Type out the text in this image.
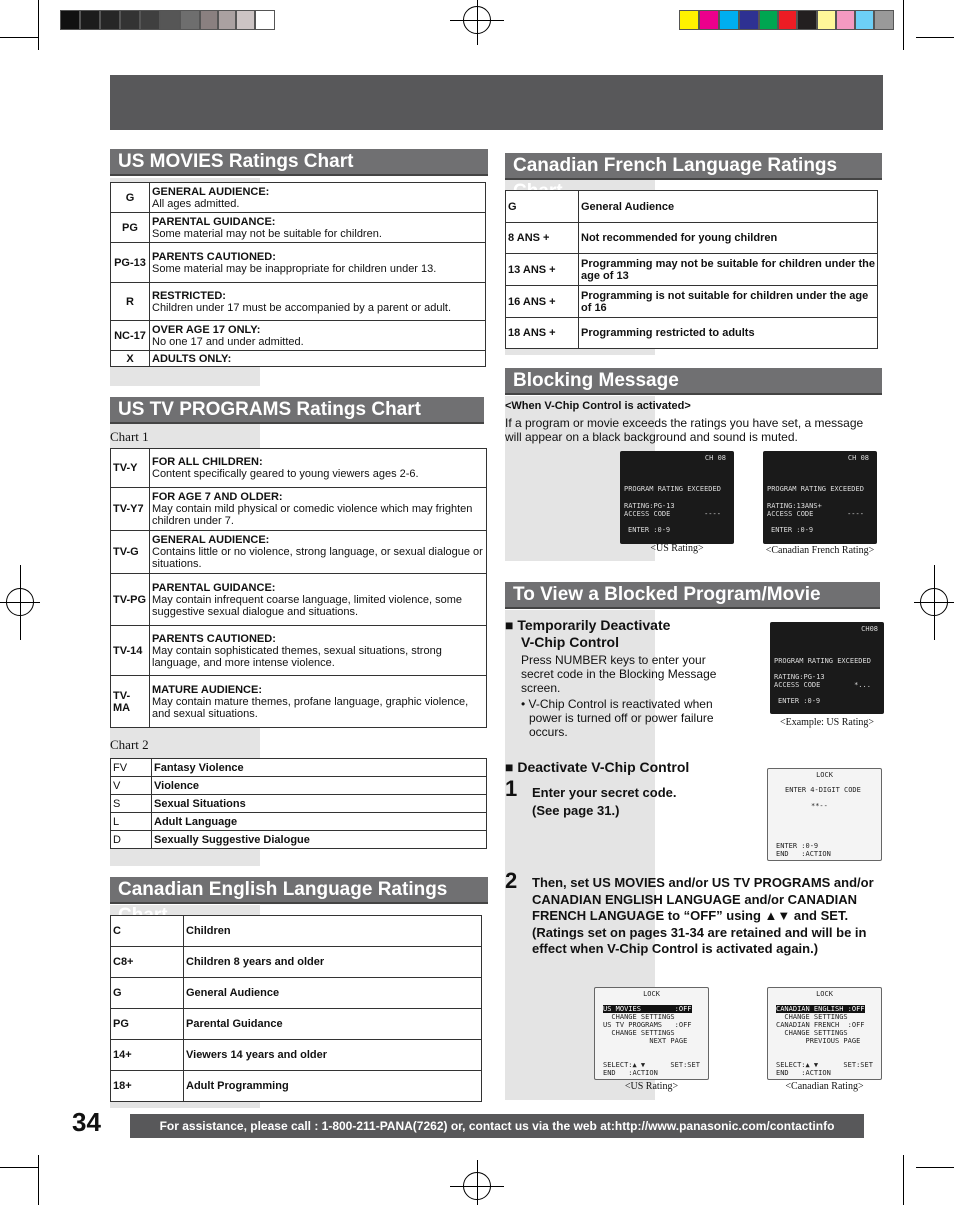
US MOVIES Ratings Chart
G	GENERAL AUDIENCE:
All ages admitted.
PG	PARENTAL GUIDANCE:
Some material may not be suitable for children.
PG-13	PARENTS CAUTIONED:
Some material may be inappropriate for children under 13.
R	RESTRICTED:
Children under 17 must be accompanied by a parent or adult.
NC-17	OVER AGE 17 ONLY:
No one 17 and under admitted.
X	ADULTS ONLY:
US TV PROGRAMS Ratings Chart
Chart 1
TV-Y	FOR ALL CHILDREN:
Content specifically geared to young viewers ages 2-6.
TV-Y7	FOR AGE 7 AND OLDER:
May contain mild physical or comedic violence which may frighten children under 7.
TV-G	GENERAL AUDIENCE:
Contains little or no violence, strong language, or sexual dialogue or situations.
TV-PG	PARENTAL GUIDANCE:
May contain infrequent coarse language, limited violence, some suggestive sexual dialogue and situations.
TV-14	PARENTS CAUTIONED:
May contain sophisticated themes, sexual situations, strong language, and more intense violence.
TV-MA	MATURE AUDIENCE:
May contain mature themes, profane language, graphic violence, and sexual situations.
Chart 2
FV	Fantasy Violence
V	Violence
S	Sexual Situations
L	Adult Language
D	Sexually Suggestive Dialogue
Canadian English Language Ratings
C	Children
C8+	Children 8 years and older
G	General Audience
PG	Parental Guidance
14+	Viewers 14 years and older
18+	Adult Programming
Canadian French Language Ratings
G	General Audience
8 ANS +	Not recommended for young children
13 ANS +	Programming may not be suitable for children under the age of 13
16 ANS +	Programming is not suitable for children under the age of 16
18 ANS +	Programming restricted to adults
Blocking Message
<When V-Chip Control is activated>
If a program or movie exceeds the ratings you have set, a message will appear on a black background and sound is muted.
CH 08
PROGRAM RATING EXCEEDED
RATING:PG-13
ACCESS CODE        ----
ENTER :0-9
<US Rating>
CH 08
PROGRAM RATING EXCEEDED
RATING:13ANS+
ACCESS CODE        ----
ENTER :0-9
<Canadian French Rating>
To View a Blocked Program/Movie
■ Temporarily Deactivate
V-Chip Control
Press NUMBER keys to enter your secret code in the Blocking Message screen.
• V-Chip Control is reactivated when power is turned off or power failure occurs.
CH08
PROGRAM RATING EXCEEDED
RATING:PG-13
ACCESS CODE        *...
ENTER :0-9
<Example: US Rating>
■ Deactivate V-Chip Control
1 Enter your secret code.
(See page 31.)
LOCK
ENTER 4-DIGIT CODE
**--
ENTER :0-9
END   :ACTION
2 Then, set US MOVIES and/or US TV PROGRAMS and/or CANADIAN ENGLISH LANGUAGE and/or CANADIAN FRENCH LANGUAGE to “OFF” using ▲▼ and SET. (Ratings set on pages 31-34 are retained and will be in effect when V-Chip Control is activated again.)
LOCK
US MOVIES        :OFF
CHANGE SETTINGS
US TV PROGRAMS   :OFF
CHANGE SETTINGS
NEXT PAGE
SELECT:▲ ▼      SET:SET
END   :ACTION
<US Rating>
LOCK
CANADIAN ENGLISH :OFF
CHANGE SETTINGS
CANADIAN FRENCH  :OFF
CHANGE SETTINGS
PREVIOUS PAGE
SELECT:▲ ▼      SET:SET
END   :ACTION
<Canadian Rating>
34	For assistance, please call : 1-800-211-PANA(7262) or, contact us via the web at:http://www.panasonic.com/contactinfo
